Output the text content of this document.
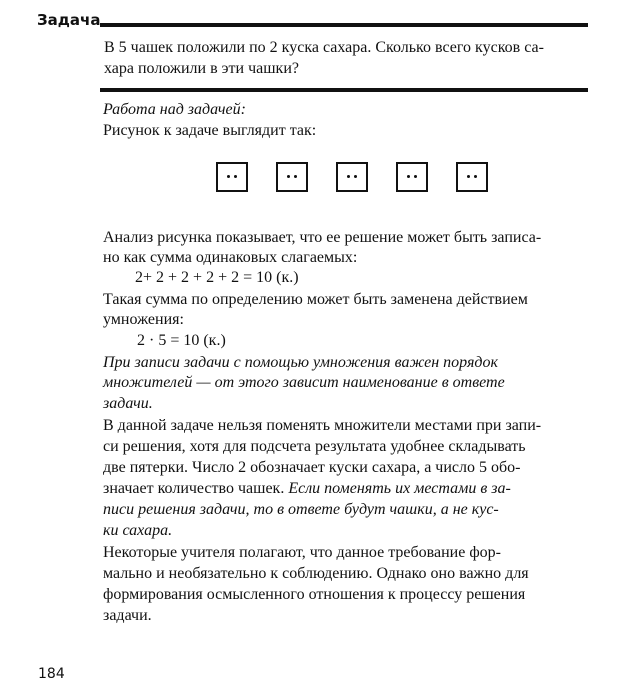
Задача
В 5 чашек положили по 2 куска сахара. Сколько всего кусков са-
хара положили в эти чашки?
Работа над задачей:
Рисунок к задаче выглядит так:
Анализ рисунка показывает, что ее решение может быть записа-
но как сумма одинаковых слагаемых:
2+ 2 + 2 + 2 + 2 = 10 (к.)
Такая сумма по определению может быть заменена действием
умножения:
2 · 5 = 10 (к.)
При записи задачи с помощью умножения важен порядок
множителей — от этого зависит наименование в ответе
задачи.
В данной задаче нельзя поменять множители местами при запи-
си решения, хотя для подсчета результата удобнее складывать
две пятерки. Число 2 обозначает куски сахара, а число 5 обо-
значает количество чашек. Если поменять их местами в за-
писи решения задачи, то в ответе будут чашки, а не кус-
ки сахара.
Некоторые учителя полагают, что данное требование фор-
мально и необязательно к соблюдению. Однако оно важно для
формирования осмысленного отношения к процессу решения
задачи.
184
